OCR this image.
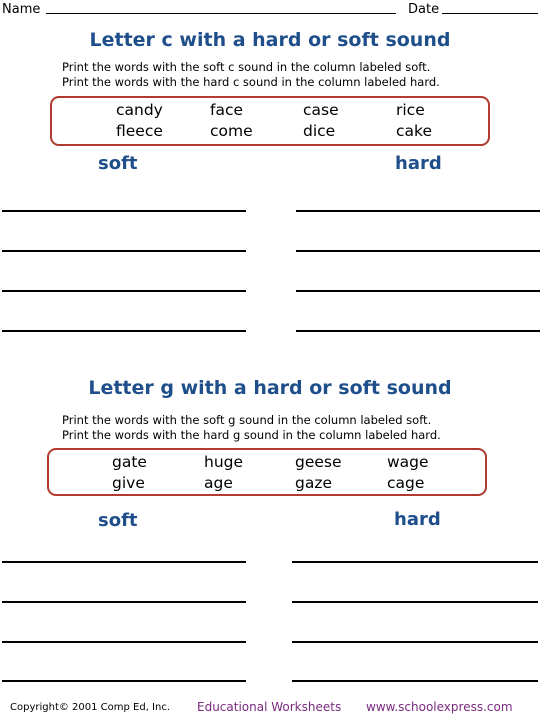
Name	Date
Letter c with a hard or soft sound
Print the words with the soft c sound in the column labeled soft.
Print the words with the hard c sound in the column labeled hard.
candy	face	case	rice
fleece	come	dice	cake
soft	hard
Letter g with a hard or soft sound
Print the words with the soft g sound in the column labeled soft.
Print the words with the hard g sound in the column labeled hard.
gate	huge	geese	wage
give	age	gaze	cage
soft	hard
Copyright© 2001 Comp Ed, Inc. Educational Worksheets www.schoolexpress.com
